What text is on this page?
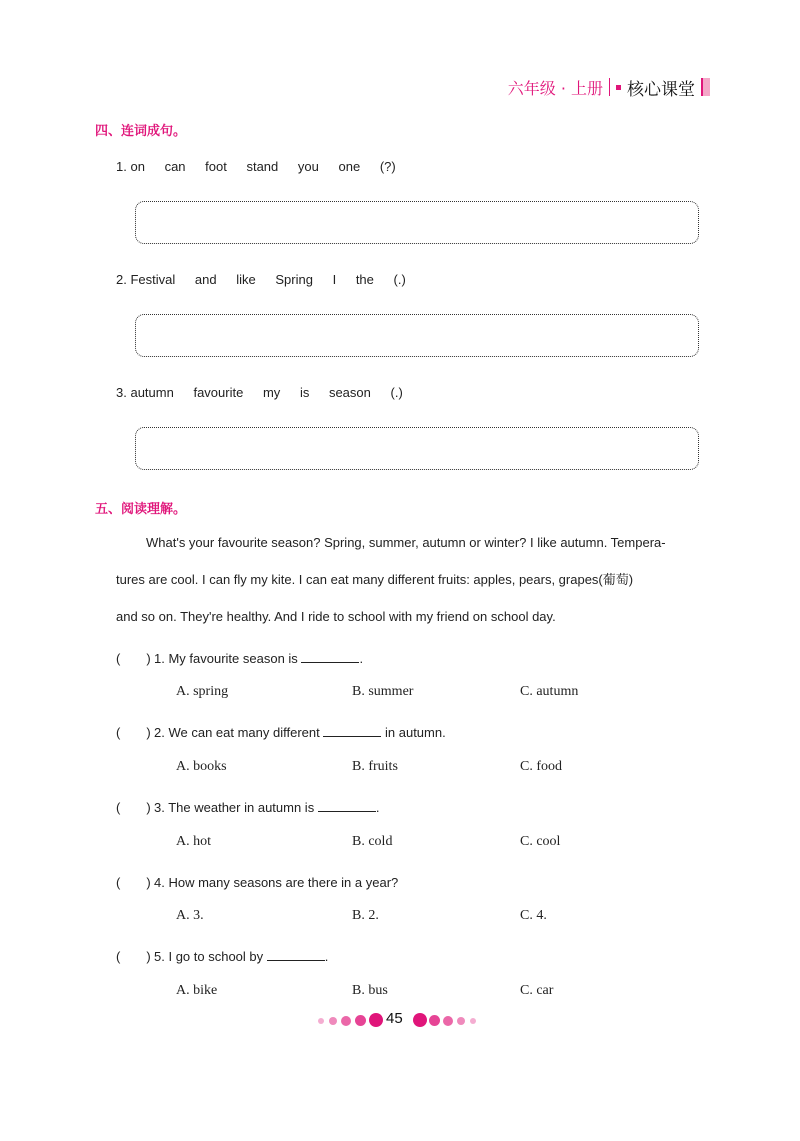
六年级 · 上册 核心课堂
四、连词成句。
1. on can foot stand you one (?)
2. Festival and like Spring I the (.)
3. autumn favourite my is season (.)
五、阅读理解。

What's your favourite season? Spring, summer, autumn or winter? I like autumn. Tempera-

tures are cool. I can fly my kite. I can eat many different fruits: apples, pears, grapes(葡萄)

and so on. They're healthy. And I ride to school with my friend on school day.

(　　) 1. My favourite season is	.
A. spring	B. summer	C. autumn
(　　) 2. We can eat many different	in autumn.
A. books	B. fruits	C. food
(　　) 3. The weather in autumn is	.
A. hot	B. cold	C. cool
(　　) 4. How many seasons are there in a year?
A. 3.	B. 2.	C. 4.
(　　) 5. I go to school by	.
A. bike	B. bus	C. car
45
